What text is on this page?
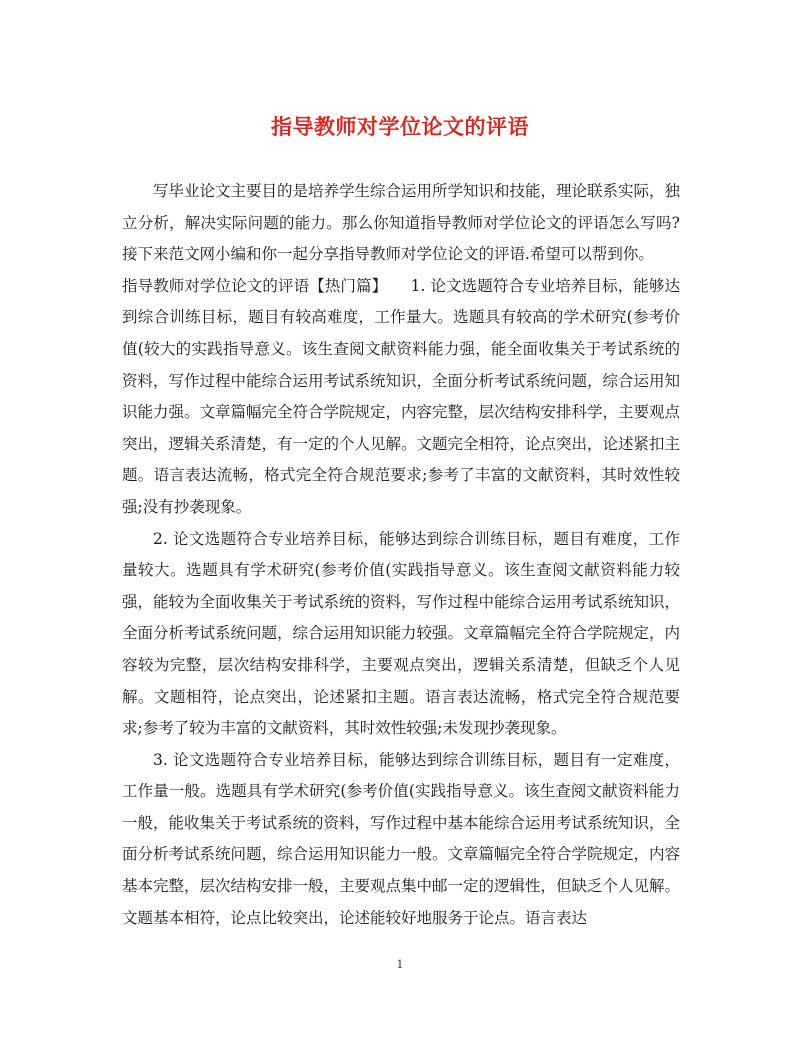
指导教师对学位论文的评语

写毕业论文主要目的是培养学生综合运用所学知识和技能，理论联系实际，独立分析，解决实际问题的能力。那么你知道指导教师对学位论文的评语怎么写吗?接下来范文网小编和你一起分享指导教师对学位论文的评语.希望可以帮到你。

指导教师对学位论文的评语【热门篇】　　1. 论文选题符合专业培养目标，能够达到综合训练目标，题目有较高难度，工作量大。选题具有较高的学术研究(参考价值(较大的实践指导意义。该生查阅文献资料能力强，能全面收集关于考试系统的资料，写作过程中能综合运用考试系统知识，全面分析考试系统问题，综合运用知识能力强。文章篇幅完全符合学院规定，内容完整，层次结构安排科学，主要观点突出，逻辑关系清楚，有一定的个人见解。文题完全相符，论点突出，论述紧扣主题。语言表达流畅，格式完全符合规范要求;参考了丰富的文献资料，其时效性较强;没有抄袭现象。

2. 论文选题符合专业培养目标，能够达到综合训练目标，题目有难度，工作量较大。选题具有学术研究(参考价值(实践指导意义。该生查阅文献资料能力较强，能较为全面收集关于考试系统的资料，写作过程中能综合运用考试系统知识，全面分析考试系统问题，综合运用知识能力较强。文章篇幅完全符合学院规定，内容较为完整，层次结构安排科学，主要观点突出，逻辑关系清楚，但缺乏个人见解。文题相符，论点突出，论述紧扣主题。语言表达流畅，格式完全符合规范要求;参考了较为丰富的文献资料，其时效性较强;未发现抄袭现象。

3. 论文选题符合专业培养目标，能够达到综合训练目标，题目有一定难度，工作量一般。选题具有学术研究(参考价值(实践指导意义。该生查阅文献资料能力一般，能收集关于考试系统的资料，写作过程中基本能综合运用考试系统知识，全面分析考试系统问题，综合运用知识能力一般。文章篇幅完全符合学院规定，内容基本完整，层次结构安排一般，主要观点集中邮一定的逻辑性，但缺乏个人见解。文题基本相符，论点比较突出，论述能较好地服务于论点。语言表达

1
